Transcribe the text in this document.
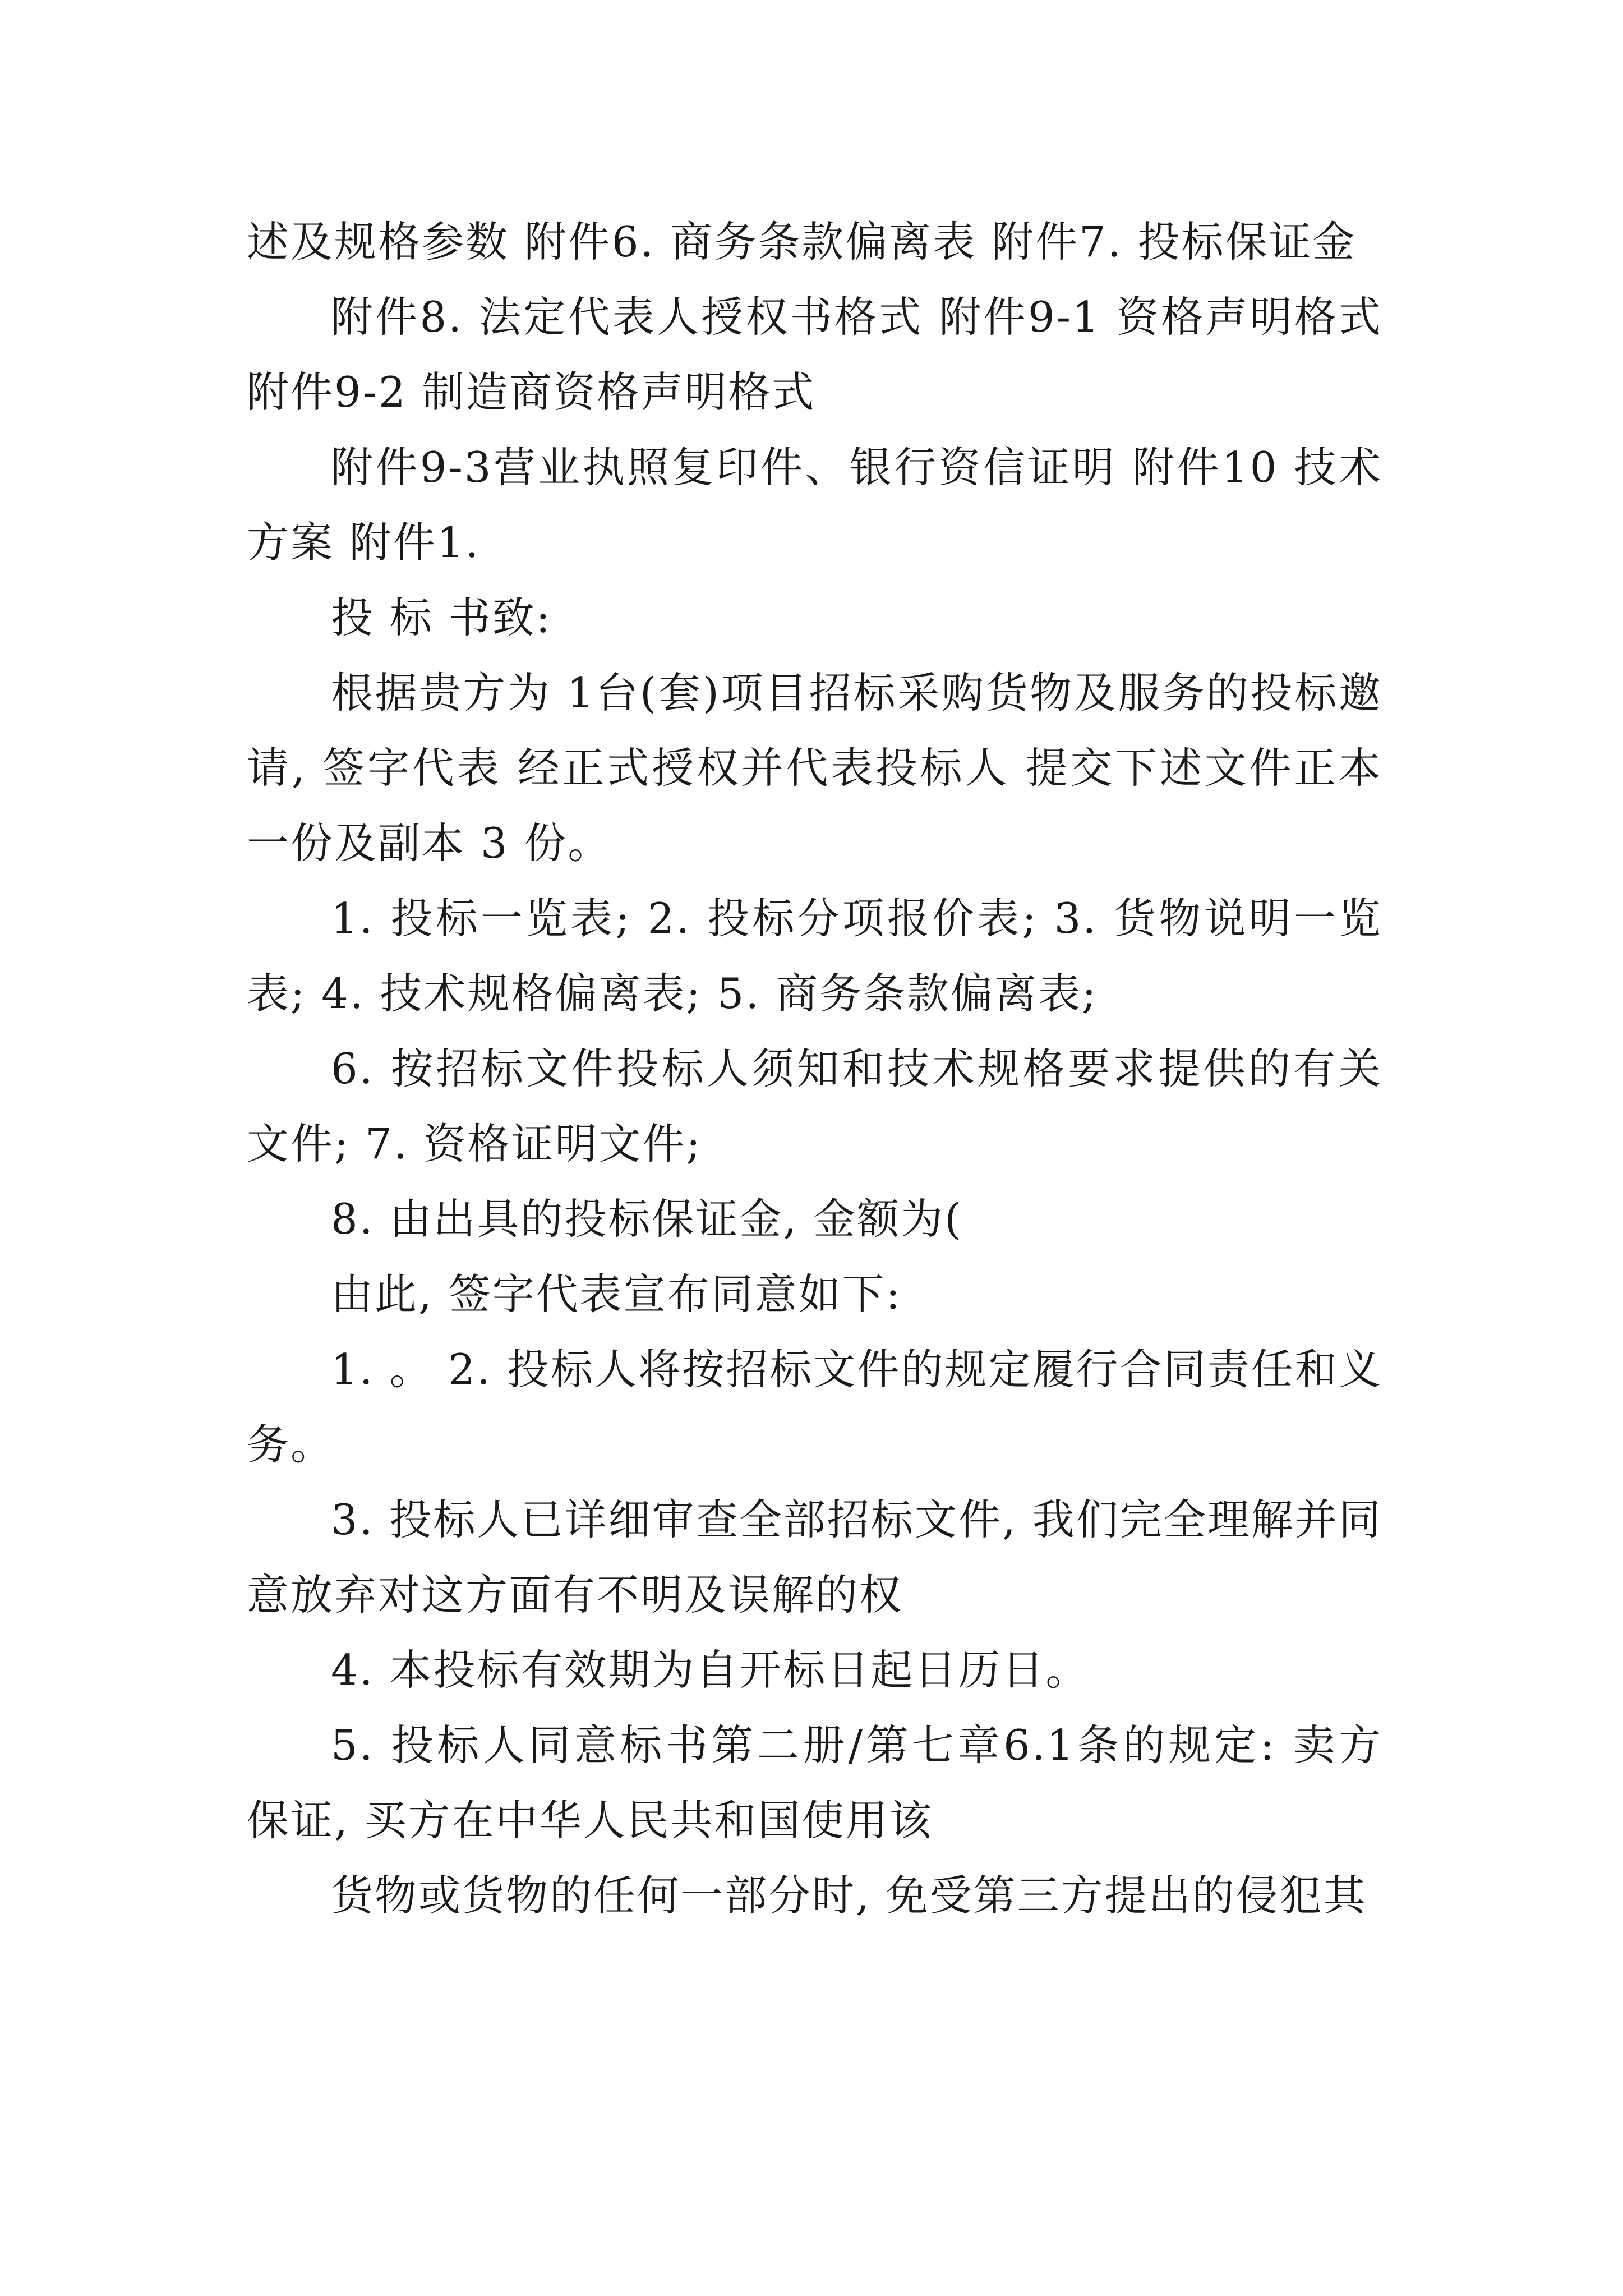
述及规格参数 附件6. 商务条款偏离表 附件7. 投标保证金

附件8. 法定代表人授权书格式 附件9-1 资格声明格式 附件9-2 制造商资格声明格式

附件9-3营业执照复印件、银行资信证明 附件10 技术方案 附件1.

投 标 书致:

根据贵方为 1台(套)项目招标采购货物及服务的投标邀请, 签字代表 经正式授权并代表投标人 提交下述文件正本一份及副本 3 份。

1. 投标一览表; 2. 投标分项报价表; 3. 货物说明一览表; 4. 技术规格偏离表; 5. 商务条款偏离表;

6. 按招标文件投标人须知和技术规格要求提供的有关文件; 7. 资格证明文件;

8. 由出具的投标保证金, 金额为(

由此, 签字代表宣布同意如下:

1. 。 2. 投标人将按招标文件的规定履行合同责任和义务。

3. 投标人已详细审查全部招标文件, 我们完全理解并同意放弃对这方面有不明及误解的权

4. 本投标有效期为自开标日起日历日。

5. 投标人同意标书第二册/第七章6.1条的规定: 卖方保证, 买方在中华人民共和国使用该

货物或货物的任何一部分时, 免受第三方提出的侵犯其
